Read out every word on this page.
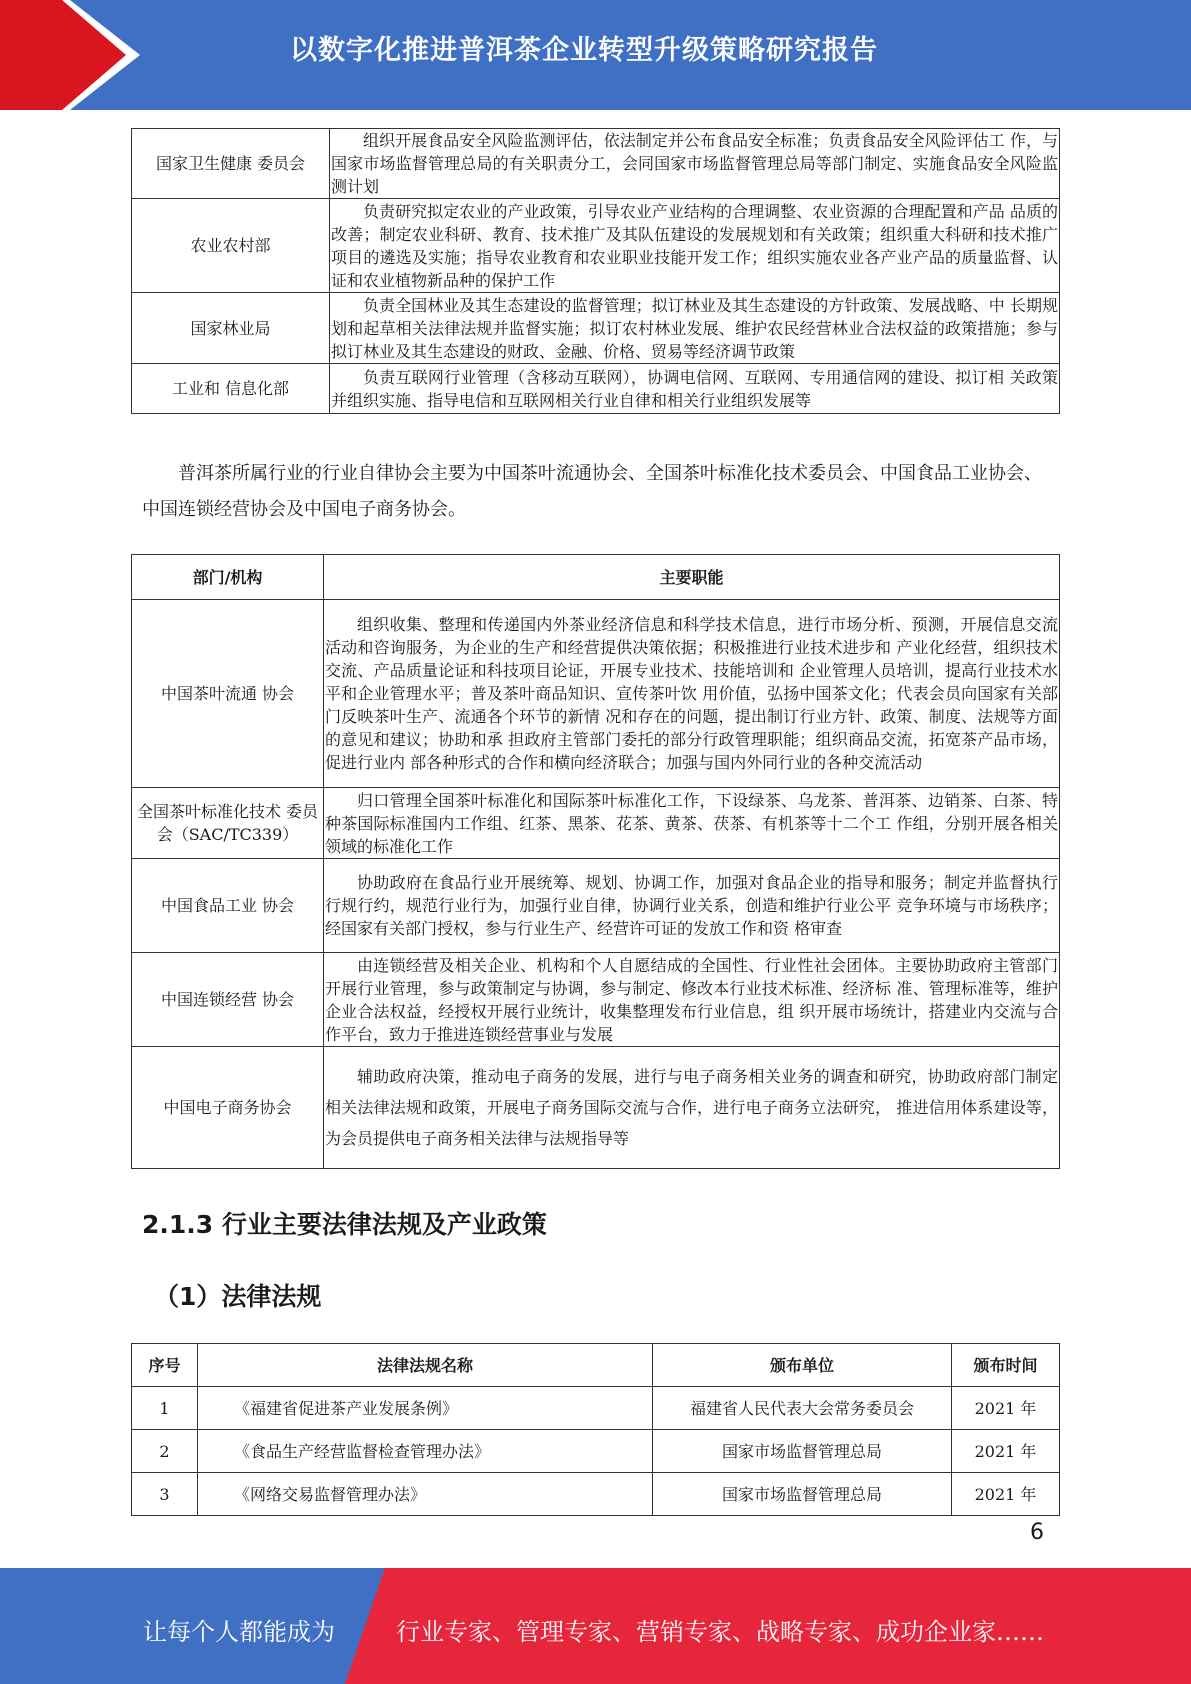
以数字化推进普洱茶企业转型升级策略研究报告
国家卫生健康 委员会	组织开展食品安全风险监测评估，依法制定并公布食品安全标准；负责食品安全风险评估工 作，与国家市场监督管理总局的有关职责分工，会同国家市场监督管理总局等部门制定、实施食品安全风险监测计划
农业农村部	负责研究拟定农业的产业政策，引导农业产业结构的合理调整、农业资源的合理配置和产品 品质的改善；制定农业科研、教育、技术推广及其队伍建设的发展规划和有关政策；组织重大科研和技术推广项目的遴选及实施；指导农业教育和农业职业技能开发工作；组织实施农业各产业产品的质量监督、认证和农业植物新品种的保护工作
国家林业局	负责全国林业及其生态建设的监督管理；拟订林业及其生态建设的方针政策、发展战略、中 长期规划和起草相关法律法规并监督实施；拟订农村林业发展、维护农民经营林业合法权益的政策措施；参与拟订林业及其生态建设的财政、金融、价格、贸易等经济调节政策
工业和 信息化部	负责互联网行业管理（含移动互联网），协调电信网、互联网、专用通信网的建设、拟订相 关政策并组织实施、指导电信和互联网相关行业自律和相关行业组织发展等
普洱茶所属行业的行业自律协会主要为中国茶叶流通协会、全国茶叶标准化技术委员会、中国食品工业协会、中国连锁经营协会及中国电子商务协会。
部门/机构	主要职能
中国茶叶流通 协会	组织收集、整理和传递国内外茶业经济信息和科学技术信息，进行市场分析、预测，开展信息交流活动和咨询服务，为企业的生产和经营提供决策依据；积极推进行业技术进步和 产业化经营，组织技术交流、产品质量论证和科技项目论证，开展专业技术、技能培训和 企业管理人员培训，提高行业技术水平和企业管理水平；普及茶叶商品知识、宣传茶叶饮 用价值，弘扬中国茶文化；代表会员向国家有关部门反映茶叶生产、流通各个环节的新情 况和存在的问题，提出制订行业方针、政策、制度、法规等方面的意见和建议；协助和承 担政府主管部门委托的部分行政管理职能；组织商品交流，拓宽茶产品市场，促进行业内 部各种形式的合作和横向经济联合；加强与国内外同行业的各种交流活动
全国茶叶标准化技术 委员会（SAC/TC339）	归口管理全国茶叶标准化和国际茶叶标准化工作，下设绿茶、乌龙茶、普洱茶、边销茶、白茶、特种茶国际标准国内工作组、红茶、黑茶、花茶、黄茶、茯茶、有机茶等十二个工 作组，分别开展各相关领域的标准化工作
中国食品工业 协会	协助政府在食品行业开展统筹、规划、协调工作，加强对食品企业的指导和服务；制定并监督执行行规行约，规范行业行为，加强行业自律，协调行业关系，创造和维护行业公平 竞争环境与市场秩序；经国家有关部门授权，参与行业生产、经营许可证的发放工作和资 格审查
中国连锁经营 协会	由连锁经营及相关企业、机构和个人自愿结成的全国性、行业性社会团体。主要协助政府主管部门开展行业管理，参与政策制定与协调，参与制定、修改本行业技术标准、经济标 准、管理标准等，维护企业合法权益，经授权开展行业统计，收集整理发布行业信息，组 织开展市场统计，搭建业内交流与合作平台，致力于推进连锁经营事业与发展
中国电子商务协会	辅助政府决策，推动电子商务的发展，进行与电子商务相关业务的调查和研究，协助政府部门制定相关法律法规和政策，开展电子商务国际交流与合作，进行电子商务立法研究， 推进信用体系建设等，为会员提供电子商务相关法律与法规指导等
2.1.3 行业主要法律法规及产业政策
（1）法律法规
序号	法律法规名称	颁布单位	颁布时间
1	《福建省促进茶产业发展条例》	福建省人民代表大会常务委员会	2021 年
2	《食品生产经营监督检查管理办法》	国家市场监督管理总局	2021 年
3	《网络交易监督管理办法》	国家市场监督管理总局	2021 年
6
让每个人都能成为	行业专家、管理专家、营销专家、战略专家、成功企业家……
